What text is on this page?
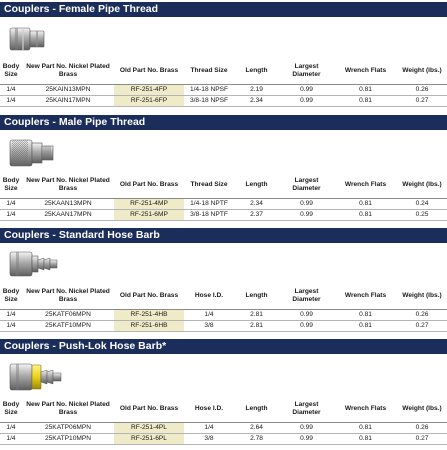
Couplers - Female Pipe Thread
Body Size	New Part No. Nickel Plated Brass	Old Part No. Brass	Thread Size	Length	Largest Diameter	Wrench Flats	Weight (lbs.)
1/4	25KAIN13MPN	RF-251-4FP	1/4-18 NPSF	2.19	0.99	0.81	0.26
1/4	25KAIN17MPN	RF-251-6FP	3/8-18 NPSF	2.34	0.99	0.81	0.27
Couplers - Male Pipe Thread
Body Size	New Part No. Nickel Plated Brass	Old Part No. Brass	Thread Size	Length	Largest Diameter	Wrench Flats	Weight (lbs.)
1/4	25KAAN13MPN	RF-251-4MP	1/4-18 NPTF	2.34	0.99	0.81	0.24
1/4	25KAAN17MPN	RF-251-6MP	3/8-18 NPTF	2.37	0.99	0.81	0.25
Couplers - Standard Hose Barb
Body Size	New Part No. Nickel Plated Brass	Old Part No. Brass	Hose I.D.	Length	Largest Diameter	Wrench Flats	Weight (lbs.)
1/4	25KATF06MPN	RF-251-4HB	1/4	2.81	0.99	0.81	0.26
1/4	25KATF10MPN	RF-251-6HB	3/8	2.81	0.99	0.81	0.27
Couplers - Push-Lok Hose Barb*
Body Size	New Part No. Nickel Plated Brass	Old Part No. Brass	Hose I.D.	Length	Largest Diameter	Wrench Flats	Weight (lbs.)
1/4	25KATP06MPN	RF-251-4PL	1/4	2.64	0.99	0.81	0.26
1/4	25KATP10MPN	RF-251-6PL	3/8	2.78	0.99	0.81	0.27
